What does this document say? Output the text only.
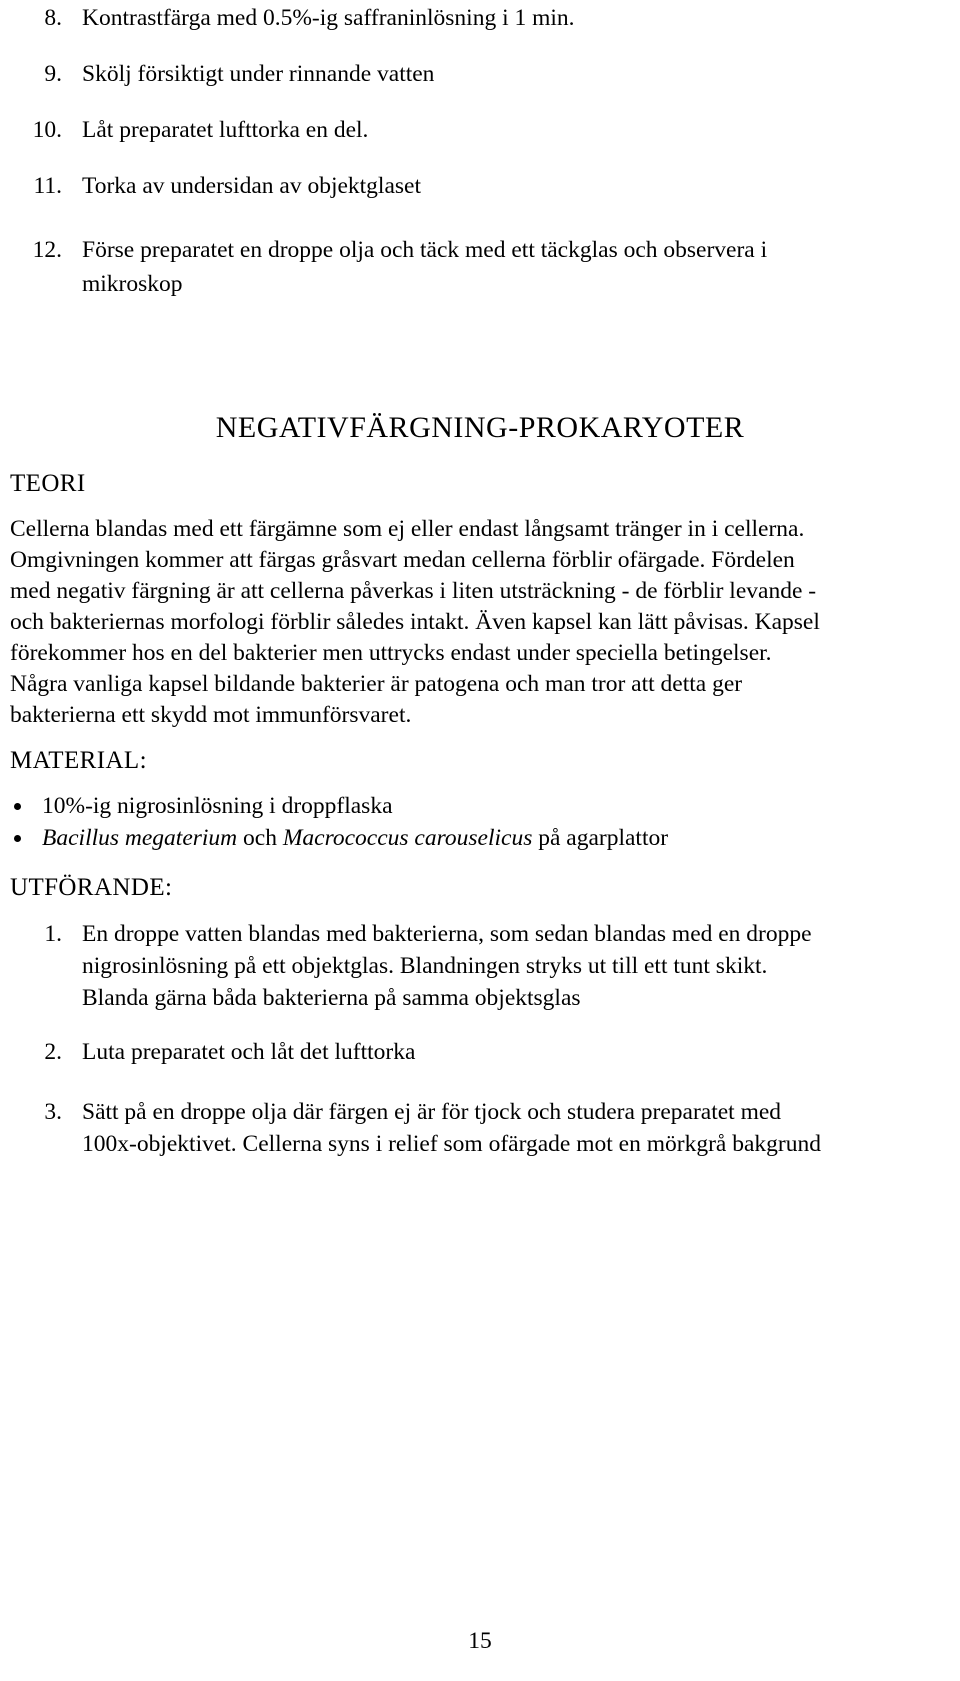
8. Kontrastfärga med 0.5%-ig saffraninlösning i 1 min.
9. Skölj försiktigt under rinnande vatten
10. Låt preparatet lufttorka en del.
11. Torka av undersidan av objektglaset
12. Förse preparatet en droppe olja och täck med ett täckglas och observera i
mikroskop
NEGATIVFÄRGNING-PROKARYOTER
TEORI
Cellerna blandas med ett färgämne som ej eller endast långsamt tränger in i cellerna.
Omgivningen kommer att färgas gråsvart medan cellerna förblir ofärgade. Fördelen
med negativ färgning är att cellerna påverkas i liten utsträckning - de förblir levande -
och bakteriernas morfologi förblir således intakt. Även kapsel kan lätt påvisas. Kapsel
förekommer hos en del bakterier men uttrycks endast under speciella betingelser.
Några vanliga kapsel bildande bakterier är patogena och man tror att detta ger
bakterierna ett skydd mot immunförsvaret.
MATERIAL:
10%-ig nigrosinlösning i droppflaska
Bacillus megaterium och Macrococcus carouselicus på agarplattor
UTFÖRANDE:
1. En droppe vatten blandas med bakterierna, som sedan blandas med en droppe
nigrosinlösning på ett objektglas. Blandningen stryks ut till ett tunt skikt.
Blanda gärna båda bakterierna på samma objektsglas
2. Luta preparatet och låt det lufttorka
3. Sätt på en droppe olja där färgen ej är för tjock och studera preparatet med
100x-objektivet. Cellerna syns i relief som ofärgade mot en mörkgrå bakgrund
15
